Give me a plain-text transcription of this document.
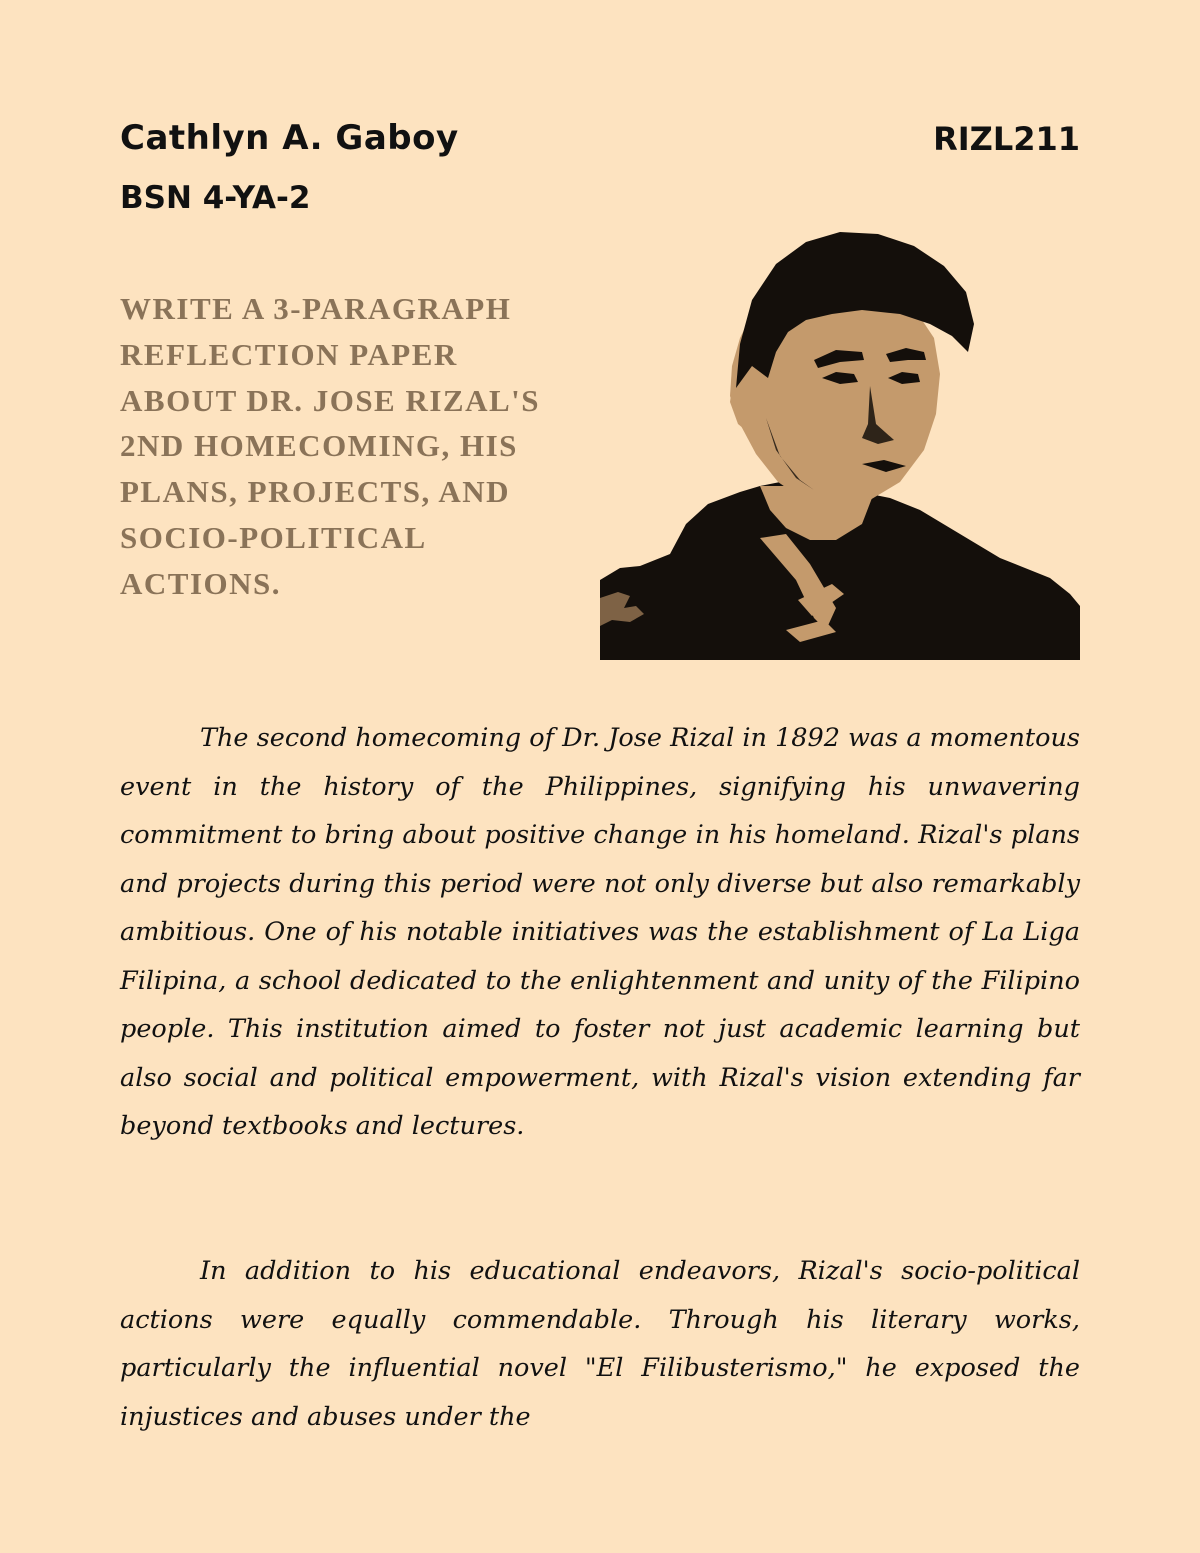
Cathlyn A. Gaboy
BSN 4-YA-2
RIZL211
WRITE A 3-PARAGRAPH REFLECTION PAPER ABOUT DR. JOSE RIZAL'S 2ND HOMECOMING, HIS PLANS, PROJECTS, AND SOCIO-POLITICAL ACTIONS.

The second homecoming of Dr. Jose Rizal in 1892 was a momentous event in the history of the Philippines, signifying his unwavering commitment to bring about positive change in his homeland. Rizal's plans and projects during this period were not only diverse but also remarkably ambitious. One of his notable initiatives was the establishment of La Liga Filipina, a school dedicated to the enlightenment and unity of the Filipino people. This institution aimed to foster not just academic learning but also social and political empowerment, with Rizal's vision extending far beyond textbooks and lectures.

In addition to his educational endeavors, Rizal's socio-political actions were equally commendable. Through his literary works, particularly the influential novel "El Filibusterismo," he exposed the injustices and abuses under the
